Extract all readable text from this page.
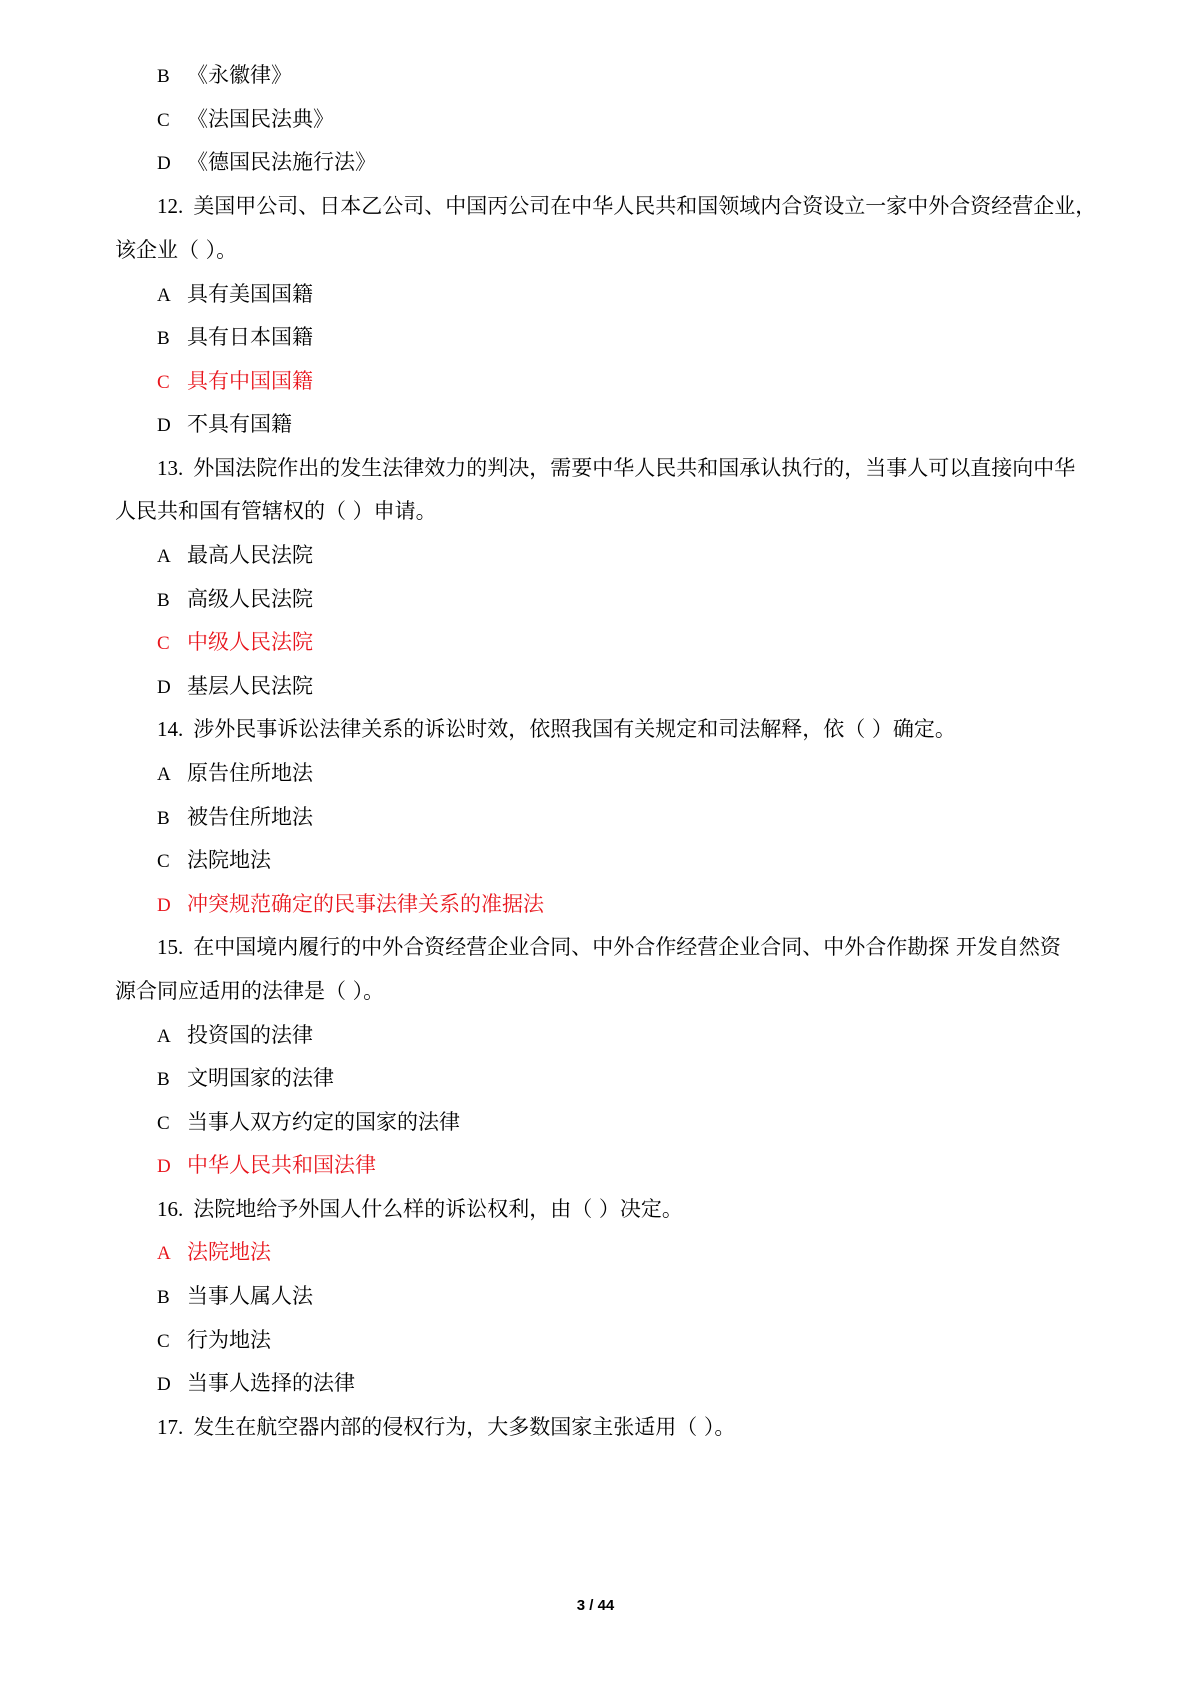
B 《永徽律》
C 《法国民法典》
D 《德国民法施行法》
12. 美国甲公司、日本乙公司、中国丙公司在中华人民共和国领域内合资设立一家中外合资经营企业，
该企业（ ）。
A 具有美国国籍
B 具有日本国籍
C 具有中国国籍
D 不具有国籍
13. 外国法院作出的发生法律效力的判决，需要中华人民共和国承认执行的，当事人可以直接向中华
人民共和国有管辖权的（ ）申请。
A 最高人民法院
B 高级人民法院
C 中级人民法院
D 基层人民法院
14. 涉外民事诉讼法律关系的诉讼时效，依照我国有关规定和司法解释，依（ ）确定。
A 原告住所地法
B 被告住所地法
C 法院地法
D 冲突规范确定的民事法律关系的准据法
15. 在中国境内履行的中外合资经营企业合同、中外合作经营企业合同、中外合作勘探 开发自然资
源合同应适用的法律是（ ）。
A 投资国的法律
B 文明国家的法律
C 当事人双方约定的国家的法律
D 中华人民共和国法律
16. 法院地给予外国人什么样的诉讼权利，由（ ）决定。
A 法院地法
B 当事人属人法
C 行为地法
D 当事人选择的法律
17. 发生在航空器内部的侵权行为，大多数国家主张适用（ ）。
3 / 44
